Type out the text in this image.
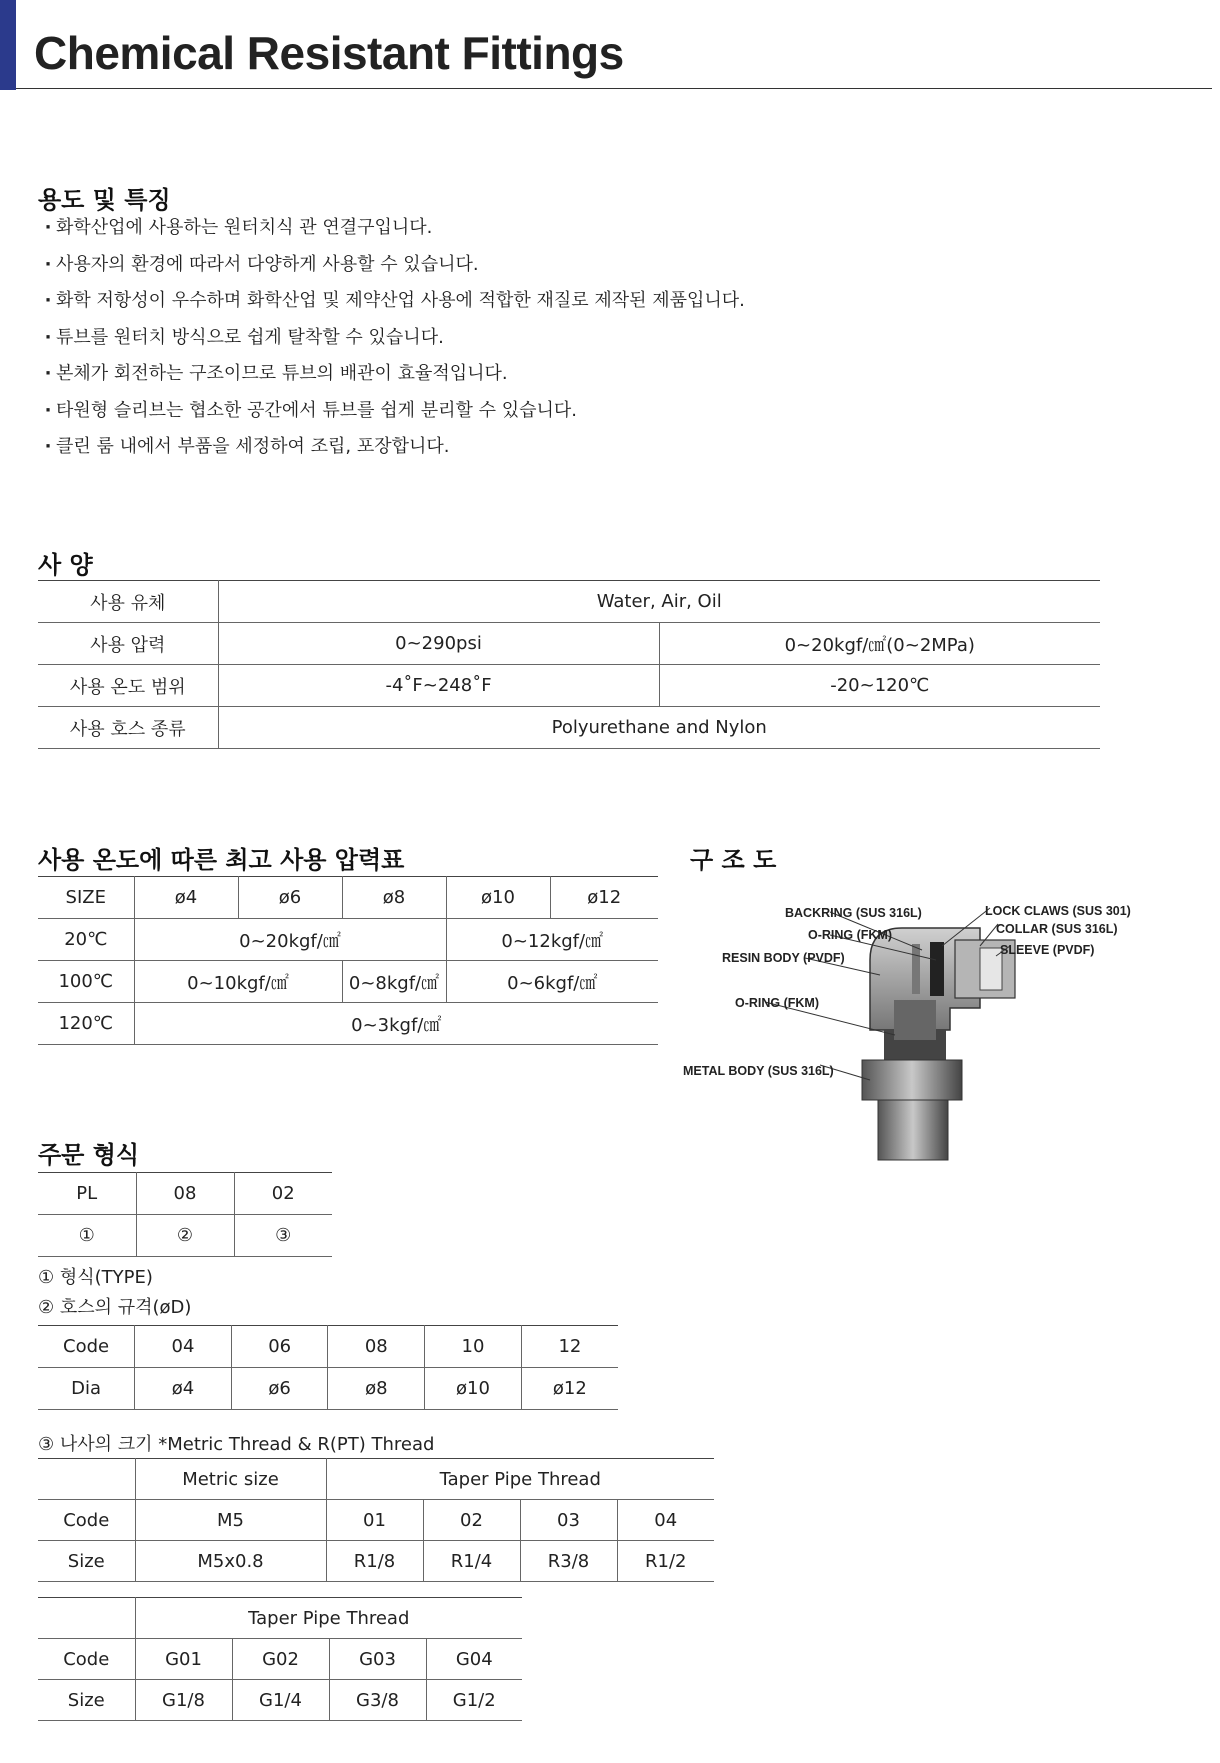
Chemical Resistant Fittings
용도 및 특징
· 화학산업에 사용하는 원터치식 관 연결구입니다.
· 사용자의 환경에 따라서 다양하게 사용할 수 있습니다.
· 화학 저항성이 우수하며 화학산업 및 제약산업 사용에 적합한 재질로 제작된 제품입니다.
· 튜브를 원터치 방식으로 쉽게 탈착할 수 있습니다.
· 본체가 회전하는 구조이므로 튜브의 배관이 효율적입니다.
· 타원형 슬리브는 협소한 공간에서 튜브를 쉽게 분리할 수 있습니다.
· 클린 룸 내에서 부품을 세정하여 조립, 포장합니다.
사 양
사용 유체	Water, Air, Oil	
사용 압력	0~290psi	0~20kgf/㎠(0~2MPa)
사용 온도 범위	-4˚F~248˚F	-20~120℃
사용 호스 종류	Polyurethane and Nylon	
사용 온도에 따른 최고 사용 압력표
SIZE	ø4	ø6	ø8	ø10	ø12
20℃	0~20kgf/㎠			0~12kgf/㎠	
100℃	0~10kgf/㎠		0~8kgf/㎠	0~6kgf/㎠	
120℃	0~3kgf/㎠				
구 조 도
BACKRING (SUS 316L)
O-RING (FKM)
RESIN BODY (PVDF)
O-RING (FKM)
METAL BODY (SUS 316L)
LOCK CLAWS (SUS 301)
COLLAR (SUS 316L)
SLEEVE (PVDF)
주문 형식
PL	08	02
①	②	③
① 형식(TYPE)
② 호스의 규격(øD)
Code	04	06	08	10	12
Dia	ø4	ø6	ø8	ø10	ø12
③ 나사의 크기 *Metric Thread & R(PT) Thread
	Metric size	Taper Pipe Thread			
Code	M5	01	02	03	04
Size	M5x0.8	R1/8	R1/4	R3/8	R1/2
	Taper Pipe Thread			
Code	G01	G02	G03	G04
Size	G1/8	G1/4	G3/8	G1/2
